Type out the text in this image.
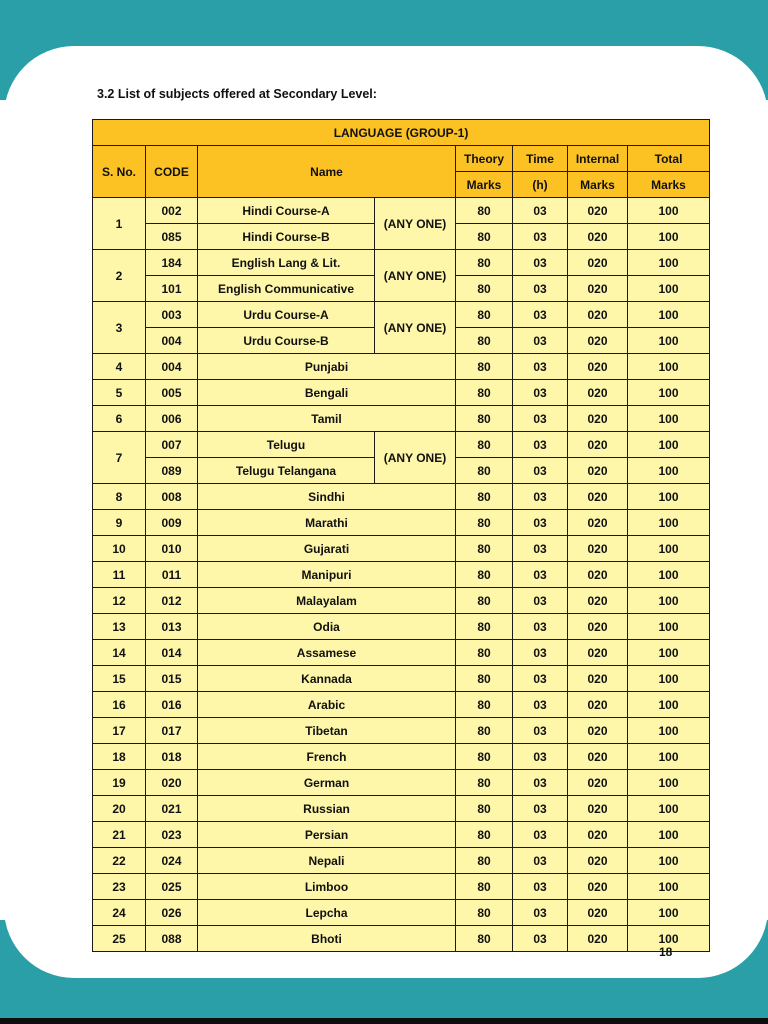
3.2 List of subjects offered at Secondary Level:
LANGUAGE (GROUP-1)							
S. No.	CODE	Name		Theory	Time	Internal	Total
				Marks	(h)	Marks	Marks
1	002	Hindi Course-A	(ANY ONE)	80	03	020	100
	085	Hindi Course-B		80	03	020	100
2	184	English Lang & Lit.	(ANY ONE)	80	03	020	100
	101	English Communicative		80	03	020	100
3	003	Urdu Course-A	(ANY ONE)	80	03	020	100
	004	Urdu Course-B		80	03	020	100
4	004	Punjabi		80	03	020	100
5	005	Bengali		80	03	020	100
6	006	Tamil		80	03	020	100
7	007	Telugu	(ANY ONE)	80	03	020	100
	089	Telugu Telangana		80	03	020	100
8	008	Sindhi		80	03	020	100
9	009	Marathi		80	03	020	100
10	010	Gujarati		80	03	020	100
11	011	Manipuri		80	03	020	100
12	012	Malayalam		80	03	020	100
13	013	Odia		80	03	020	100
14	014	Assamese		80	03	020	100
15	015	Kannada		80	03	020	100
16	016	Arabic		80	03	020	100
17	017	Tibetan		80	03	020	100
18	018	French		80	03	020	100
19	020	German		80	03	020	100
20	021	Russian		80	03	020	100
21	023	Persian		80	03	020	100
22	024	Nepali		80	03	020	100
23	025	Limboo		80	03	020	100
24	026	Lepcha		80	03	020	100
25	088	Bhoti		80	03	020	100
18
